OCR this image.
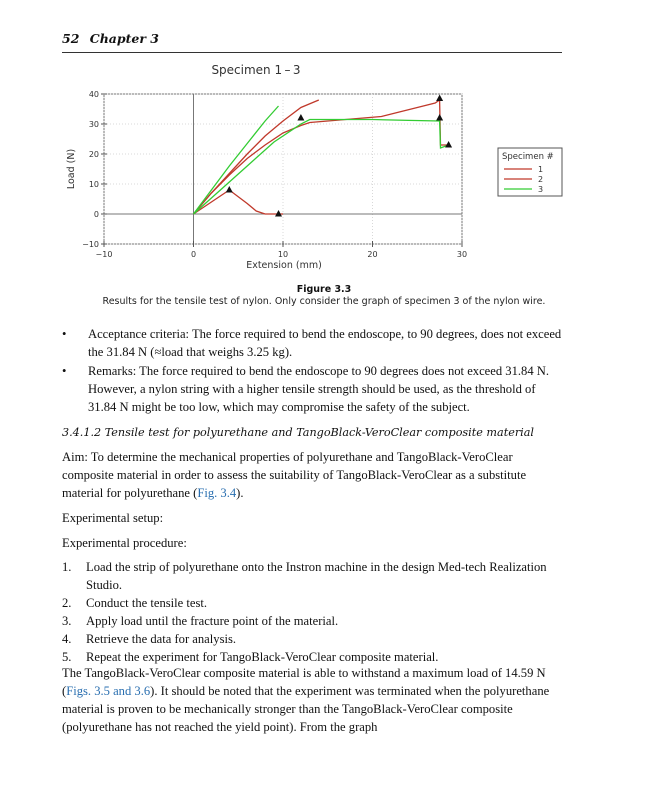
52 Chapter 3
Specimen 1 – 3
−10
0
10
20
30
40
−10	0	10	20	30
Extension (mm)
Load (N)	Specimen #
1
2
3
Figure 3.3
Results for the tensile test of nylon. Only consider the graph of specimen 3 of the nylon wire.
• Acceptance criteria: The force required to bend the endoscope, to 90 degrees, does not exceed the 31.84 N (≈load that weighs 3.25 kg).
• Remarks: The force required to bend the endoscope to 90 degrees does not exceed 31.84 N. However, a nylon string with a higher tensile strength should be used, as the threshold of 31.84 N might be too low, which may compromise the safety of the subject.
3.4.1.2 Tensile test for polyurethane and TangoBlack-VeroClear composite material

Aim: To determine the mechanical properties of polyurethane and TangoBlack-VeroClear composite material in order to assess the suitability of TangoBlack-VeroClear as a substitute material for polyurethane (Fig. 3.4).

Experimental setup:

Experimental procedure:

1. Load the strip of polyurethane onto the Instron machine in the design Med-tech Realization Studio.
2. Conduct the tensile test.
3. Apply load until the fracture point of the material.
4. Retrieve the data for analysis.
5. Repeat the experiment for TangoBlack-VeroClear composite material.

The TangoBlack-VeroClear composite material is able to withstand a maximum load of 14.59 N (Figs. 3.5 and 3.6). It should be noted that the experiment was terminated when the polyurethane material is proven to be mechanically stronger than the TangoBlack-VeroClear composite (polyurethane has not reached the yield point). From the graph
